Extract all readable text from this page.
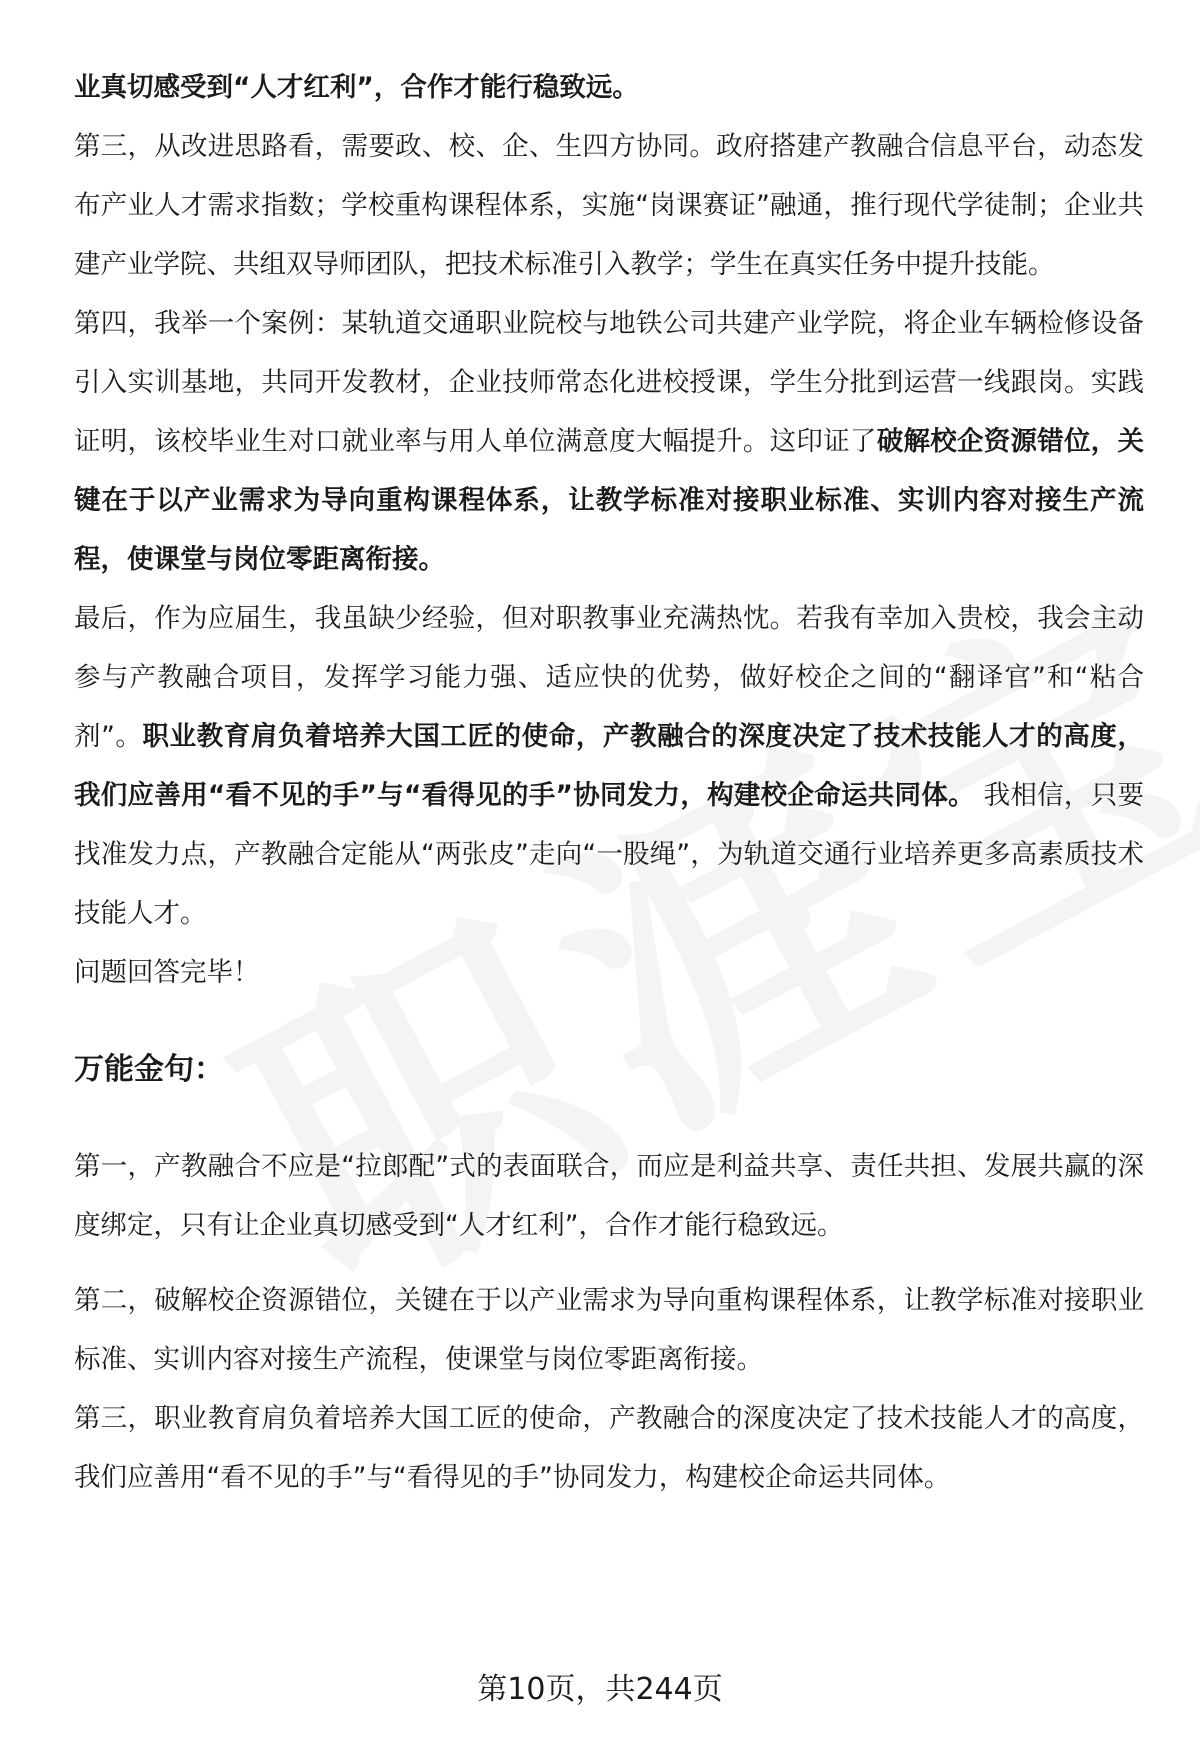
业真切感受到“人才红利”，合作才能行稳致远。

第三，从改进思路看，需要政、校、企、生四方协同。政府搭建产教融合信息平台，动态发布产业人才需求指数；学校重构课程体系，实施“岗课赛证”融通，推行现代学徒制；企业共建产业学院、共组双导师团队，把技术标准引入教学；学生在真实任务中提升技能。

第四，我举一个案例：某轨道交通职业院校与地铁公司共建产业学院，将企业车辆检修设备引入实训基地，共同开发教材，企业技师常态化进校授课，学生分批到运营一线跟岗。实践证明，该校毕业生对口就业率与用人单位满意度大幅提升。这印证了破解校企资源错位，关键在于以产业需求为导向重构课程体系，让教学标准对接职业标准、实训内容对接生产流程，使课堂与岗位零距离衔接。

最后，作为应届生，我虽缺少经验，但对职教事业充满热忱。若我有幸加入贵校，我会主动参与产教融合项目，发挥学习能力强、适应快的优势，做好校企之间的“翻译官”和“粘合剂”。职业教育肩负着培养大国工匠的使命，产教融合的深度决定了技术技能人才的高度，我们应善用“看不见的手”与“看得见的手”协同发力，构建校企命运共同体。 我相信，只要找准发力点，产教融合定能从“两张皮”走向“一股绳”，为轨道交通行业培养更多高素质技术技能人才。

问题回答完毕！

万能金句：

第一，产教融合不应是“拉郎配”式的表面联合，而应是利益共享、责任共担、发展共赢的深度绑定，只有让企业真切感受到“人才红利”，合作才能行稳致远。

第二，破解校企资源错位，关键在于以产业需求为导向重构课程体系，让教学标准对接职业标准、实训内容对接生产流程，使课堂与岗位零距离衔接。

第三，职业教育肩负着培养大国工匠的使命，产教融合的深度决定了技术技能人才的高度，我们应善用“看不见的手”与“看得见的手”协同发力，构建校企命运共同体。

第10页，共244页
